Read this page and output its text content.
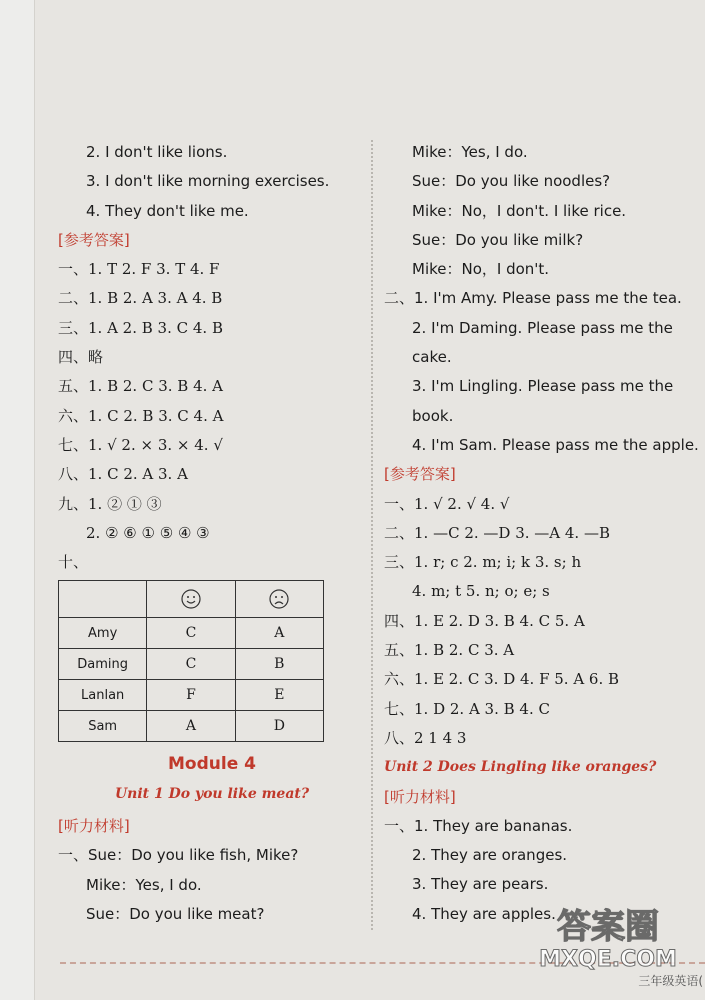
2. I don't like lions.
3. I don't like morning exercises.
4. They don't like me.
[参考答案]
一、1. T 2. F 3. T 4. F
二、1. B 2. A 3. A 4. B
三、1. A 2. B 3. C 4. B
四、略
五、1. B 2. C 3. B 4. A
六、1. C 2. B 3. C 4. A
七、1. √ 2. × 3. × 4. √
八、1. C 2. A 3. A
九、1. ② ① ③
2. ② ⑥ ① ⑤ ④ ③
十、

Amy	C	A
Daming	C	B
Lanlan	F	E
Sam	A	D
Module 4
Unit 1 Do you like meat?
[听力材料]
一、Sue：Do you like fish, Mike?
Mike：Yes, I do.
Sue：Do you like meat?
Mike：Yes, I do.
Sue：Do you like noodles?
Mike：No，I don't. I like rice.
Sue：Do you like milk?
Mike：No，I don't.
二、1. I'm Amy. Please pass me the tea.
2. I'm Daming. Please pass me the
cake.
3. I'm Lingling. Please pass me the
book.
4. I'm Sam. Please pass me the apple.
[参考答案]
一、1. √ 2. √ 4. √
二、1. —C 2. —D 3. —A 4. —B
三、1. r; c 2. m; i; k 3. s; h
4. m; t 5. n; o; e; s
四、1. E 2. D 3. B 4. C 5. A
五、1. B 2. C 3. A
六、1. E 2. C 3. D 4. F 5. A 6. B
七、1. D 2. A 3. B 4. C
八、2 1 4 3
Unit 2 Does Lingling like oranges?
[听力材料]
一、1. They are bananas.
2. They are oranges.
3. They are pears.
4. They are apples. 答案圈
MXQE.COM
三年级英语(
